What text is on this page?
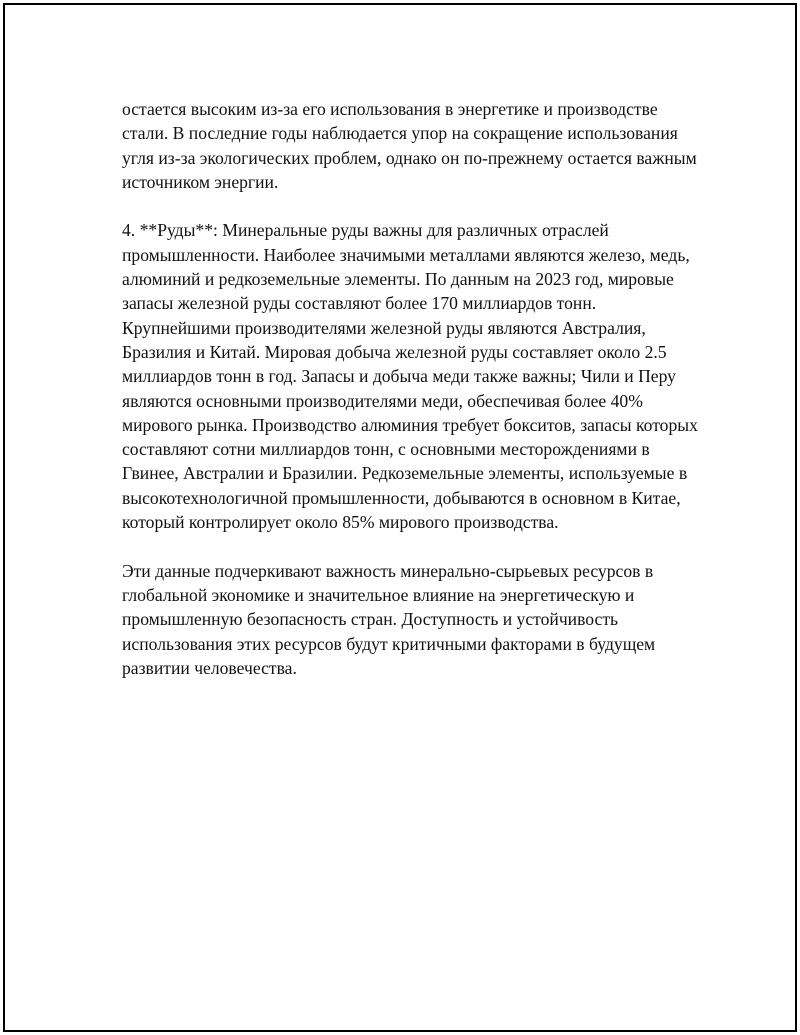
остается высоким из-за его использования в энергетике и производстве стали. В последние годы наблюдается упор на сокращение использования угля из-за экологических проблем, однако он по-прежнему остается важным источником энергии.

4. **Руды**: Минеральные руды важны для различных отраслей промышленности. Наиболее значимыми металлами являются железо, медь, алюминий и редкоземельные элементы. По данным на 2023 год, мировые запасы железной руды составляют более 170 миллиардов тонн. Крупнейшими производителями железной руды являются Австралия, Бразилия и Китай. Мировая добыча железной руды составляет около 2.5 миллиардов тонн в год. Запасы и добыча меди также важны; Чили и Перу являются основными производителями меди, обеспечивая более 40% мирового рынка. Производство алюминия требует бокситов, запасы которых составляют сотни миллиардов тонн, с основными месторождениями в Гвинее, Австралии и Бразилии. Редкоземельные элементы, используемые в высокотехнологичной промышленности, добываются в основном в Китае, который контролирует около 85% мирового производства.

Эти данные подчеркивают важность минерально-сырьевых ресурсов в глобальной экономике и значительное влияние на энергетическую и промышленную безопасность стран. Доступность и устойчивость использования этих ресурсов будут критичными факторами в будущем развитии человечества.
